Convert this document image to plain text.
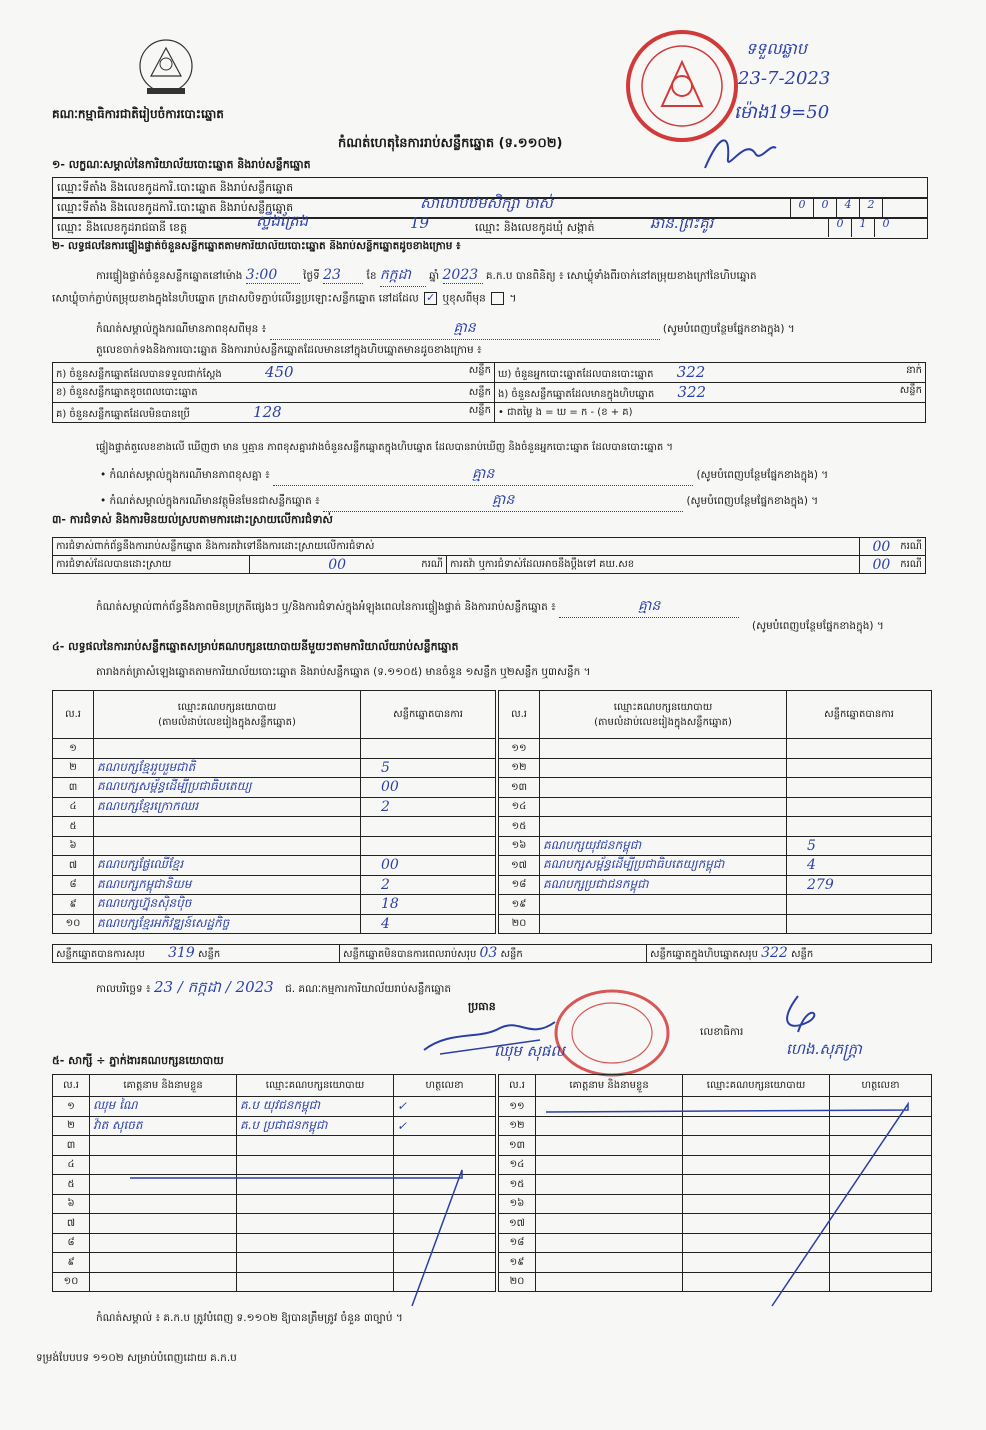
គណៈកម្មាធិការជាតិរៀបចំការបោះឆ្នោត
ទទួលឆ្លាប
23-7-2023
ម៉ោង19=50
កំណត់ហេតុនៃការរាប់សន្លឹកឆ្នោត (ទ.១១០២)
១- លក្ខណៈសម្គាល់នៃការិយាល័យបោះឆ្នោត និងរាប់សន្លឹកឆ្នោត
ឈ្មោះទីតាំង និងលេខកូដការិ.បោះឆ្នោត និងរាប់សន្លឹកឆ្នោត
ឈ្មោះទីតាំង និងលេខកូដការិ.បោះឆ្នោត និងរាប់សន្លឹកឆ្នោត	សាលាបឋមសិក្សា ចាស់	0	0	4	2
ឈ្មោះ និងលេខកូដរាជធានី ខេត្ត	ឈ្មោះ និងលេខកូដឃុំ សង្កាត់
ស្ទឹងត្រែង	19	ឆាន.ព្រះគូរ	0	1	0
២- លទ្ធផលនៃការផ្ទៀងផ្ទាត់ចំនួនសន្លឹកឆ្នោតតាមការិយាល័យបោះឆ្នោត និងរាប់សន្លឹកឆ្នោតដូចខាងក្រោម ៖
ការផ្ទៀងផ្ទាត់ចំនួនសន្លឹកឆ្នោតនៅម៉ោង 3:00 ថ្ងៃទី 23 ខែ កក្កដា ឆ្នាំ 2023 គ.ក.ប បានពិនិត្យ ៖ សោឃ្លុំទាំងពីរចាក់នៅតម្រុយខាងក្រៅនៃហិបឆ្នោត
សោឃ្លុំចាក់ភ្ជាប់តម្រុយខាងក្នុងនៃហិបឆ្នោត ក្រដាសបិទភ្ជាប់លើរន្ធប្រឡោះសន្លឹកឆ្នោត នៅដដែល ✓ ឬខុសពីមុន  ។
កំណត់សម្គាល់ក្នុងករណីមានភាពខុសពីមុន ៖	គ្មាន	(សូមបំពេញបន្ថែមផ្នែកខាងក្នុង) ។
តួលេខចាក់ទងនិងការបោះឆ្នោត និងការរាប់សន្លឹកឆ្នោតដែលមាននៅក្នុងហិបឆ្នោតមានដូចខាងក្រោម ៖
ក) ចំនួនសន្លឹកឆ្នោតដែលបានទទួលជាក់ស្តែង 450 សន្លឹក	ឃ) ចំនួនអ្នកបោះឆ្នោតដែលបានបោះឆ្នោត 322 នាក់

ខ) ចំនួនសន្លឹកឆ្នោតខូចពេលបោះឆ្នោត សន្លឹក	ង) ចំនួនសន្លឹកឆ្នោតដែលមានក្នុងហិបឆ្នោត 322 សន្លឹក

គ) ចំនួនសន្លឹកឆ្នោតដែលមិនបានប្រើ 128 សន្លឹក	• ជាតម្លៃ ង = ឃ = ក - (ខ + គ)
ផ្ទៀងផ្ទាត់តួលេខខាងលើ ឃើញថា មាន ឬគ្មាន ភាពខុសគ្នារវាងចំនួនសន្លឹកឆ្នោតក្នុងហិបឆ្នោត ដែលបានរាប់ឃើញ និងចំនួនអ្នកបោះឆ្នោត ដែលបានបោះឆ្នោត ។
• កំណត់សម្គាល់ក្នុងករណីមានភាពខុសគ្នា ៖	គ្មាន	(សូមបំពេញបន្ថែមផ្នែកខាងក្នុង) ។
• កំណត់សម្គាល់ក្នុងករណីមានវត្ថុមិនមែនជាសន្លឹកឆ្នោត ៖	គ្មាន	(សូមបំពេញបន្ថែមផ្នែកខាងក្នុង) ។
៣- ការជំទាស់ និងការមិនយល់ស្របតាមការដោះស្រាយលើការជំទាស់
ការជំទាស់ពាក់ព័ន្ធនឹងការរាប់សន្លឹកឆ្នោត និងការតវ៉ាទៅនឹងការដោះស្រាយលើការជំទាស់			00 ករណី

ការជំទាស់ដែលបានដោះស្រាយ	00 ករណី	ការតវ៉ា ឬការជំទាស់ដែលអាចនឹងប្តឹងទៅ គឃ.សខ	00 ករណី
កំណត់សម្គាល់ពាក់ព័ន្ធនឹងភាពមិនប្រក្រតីផ្សេងៗ ឬ/និងការជំទាស់ក្នុងអំឡុងពេលនៃការផ្ទៀងផ្ទាត់ និងការរាប់សន្លឹកឆ្នោត ៖	គ្មាន
(សូមបំពេញបន្ថែមផ្នែកខាងក្នុង) ។
៤- លទ្ធផលនៃការរាប់សន្លឹកឆ្នោតសម្រាប់គណបក្សនយោបាយនីមួយៗតាមការិយាល័យរាប់សន្លឹកឆ្នោត
តារាងកត់ត្រាសំឡេងឆ្នោតតាមការិយាល័យបោះឆ្នោត និងរាប់សន្លឹកឆ្នោត (ទ.១១០៥) មានចំនួន ១សន្លឹក ឬ២សន្លឹក ឬ៣សន្លឹក ។
ល.រ	ឈ្មោះគណបក្សនយោបាយ
(តាមលំដាប់លេខរៀងក្នុងសន្លឹកឆ្នោត)	សន្លឹកឆ្នោតបានការ
១		
២	គណបក្សខ្មែររួបរួមជាតិ	5
៣	គណបក្សសម្ព័ន្ធដើម្បីប្រជាធិបតេយ្យ	00
៤	គណបក្សខ្មែរក្រោកឈរ	2
៥		
៦		
៧	គណបក្សផ្លែឈើខ្មែរ	00
៨	គណបក្សកម្ពុជានិយម	2
៩	គណបក្សហ្វ៊ុនស៊ិនប៉ិច	18
១០	គណបក្សខ្មែរអភិវឌ្ឍន៍សេដ្ឋកិច្ច	4
ល.រ	ឈ្មោះគណបក្សនយោបាយ
(តាមលំដាប់លេខរៀងក្នុងសន្លឹកឆ្នោត)	សន្លឹកឆ្នោតបានការ
១១		
១២		
១៣		
១៤		
១៥		
១៦	គណបក្សយុវជនកម្ពុជា	5
១៧	គណបក្សសម្ព័ន្ធដើម្បីប្រជាធិបតេយ្យកម្ពុជា	4
១៨	គណបក្សប្រជាជនកម្ពុជា	279
១៩		
២០		
សន្លឹកឆ្នោតបានការសរុប 319 សន្លឹក	សន្លឹកឆ្នោតមិនបានការពេលរាប់សរុប 03 សន្លឹក	សន្លឹកឆ្នោតក្នុងហិបឆ្នោតសរុប 322 សន្លឹក
កាលបរិច្ឆេទ ៖ 23 / កក្កដា / 2023 ជ. គណៈកម្មការការិយាល័យរាប់សន្លឹកឆ្នោត
ប្រធាន
ឈុម សុផល
លេខាធិការ
ហេង.សុភក្ត្រា
៥- សាក្សី ÷ ភ្នាក់ងារគណបក្សនយោបាយ
ល.រ	គោត្តនាម និងនាមខ្លួន	ឈ្មោះគណបក្សនយោបាយ	ហត្ថលេខា
១	ឈុម ណៃ	គ.ប យុវជនកម្ពុជា	✓
២	វ៉ាត សុចេត	គ.ប ប្រជាជនកម្ពុជា	✓
៣			
៤			
៥			
៦			
៧			
៨			
៩			
១០			
ល.រ	គោត្តនាម និងនាមខ្លួន	ឈ្មោះគណបក្សនយោបាយ	ហត្ថលេខា
១១			
១២			
១៣			
១៤			
១៥			
១៦			
១៧			
១៨			
១៩			
២០			
កំណត់សម្គាល់ ៖ គ.ក.ប ត្រូវបំពេញ ទ.១១០២ ឱ្យបានត្រឹមត្រូវ ចំនួន ៣ច្បាប់ ។
ទម្រង់បែបបទ ១១០២ សម្រាប់បំពេញដោយ គ.ក.ប
